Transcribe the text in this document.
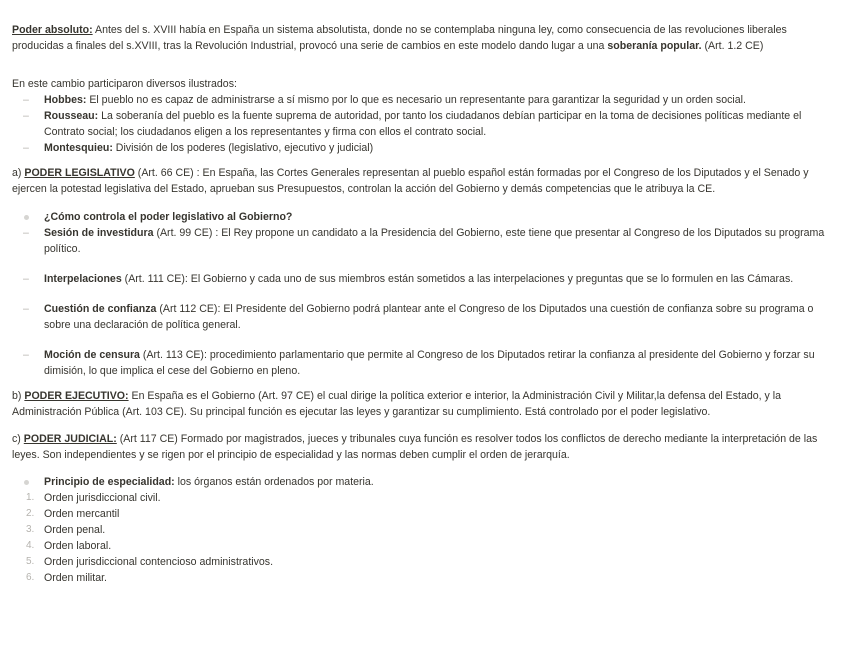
Poder absoluto: Antes del s. XVIII había en España un sistema absolutista, donde no se contemplaba ninguna ley, como consecuencia de las revoluciones liberales producidas a finales del s.XVIII, tras la Revolución Industrial, provocó una serie de cambios en este modelo dando lugar a una soberanía popular. (Art. 1.2 CE)

En este cambio participaron diversos ilustrados:

– Hobbes: El pueblo no es capaz de administrarse a sí mismo por lo que es necesario un representante para garantizar la seguridad y un orden social.
– Rousseau: La soberanía del pueblo es la fuente suprema de autoridad, por tanto los ciudadanos debían participar en la toma de decisiones políticas mediante el Contrato social; los ciudadanos eligen a los representantes y firma con ellos el contrato social.
– Montesquieu: División de los poderes (legislativo, ejecutivo y judicial)

a) PODER LEGISLATIVO (Art. 66 CE) : En España, las Cortes Generales representan al pueblo español están formadas por el Congreso de los Diputados y el Senado y ejercen la potestad legislativa del Estado, aprueban sus Presupuestos, controlan la acción del Gobierno y demás competencias que le atribuya la CE.

¿Cómo controla el poder legislativo al Gobierno?
– Sesión de investidura (Art. 99 CE) : El Rey propone un candidato a la Presidencia del Gobierno, este tiene que presentar al Congreso de los Diputados su programa político.
– Interpelaciones (Art. 111 CE): El Gobierno y cada uno de sus miembros están sometidos a las interpelaciones y preguntas que se lo formulen en las Cámaras.
– Cuestión de confianza (Art 112 CE): El Presidente del Gobierno podrá plantear ante el Congreso de los Diputados una cuestión de confianza sobre su programa o sobre una declaración de política general.
– Moción de censura (Art. 113 CE): procedimiento parlamentario que permite al Congreso de los Diputados retirar la confianza al presidente del Gobierno y forzar su dimisión, lo que implica el cese del Gobierno en pleno.

b) PODER EJECUTIVO: En España es el Gobierno (Art. 97 CE) el cual dirige la política exterior e interior, la Administración Civil y Militar,la defensa del Estado, y la Administración Pública (Art. 103 CE). Su principal función es ejecutar las leyes y garantizar su cumplimiento. Está controlado por el poder legislativo.

c) PODER JUDICIAL: (Art 117 CE) Formado por magistrados, jueces y tribunales cuya función es resolver todos los conflictos de derecho mediante la interpretación de las leyes. Son independientes y se rigen por el principio de especialidad y las normas deben cumplir el orden de jerarquía.

Principio de especialidad: los órganos están ordenados por materia.
1. Orden jurisdiccional civil.
2. Orden mercantil
3. Orden penal.
4. Orden laboral.
5. Orden jurisdiccional contencioso administrativos.
6. Orden militar.
